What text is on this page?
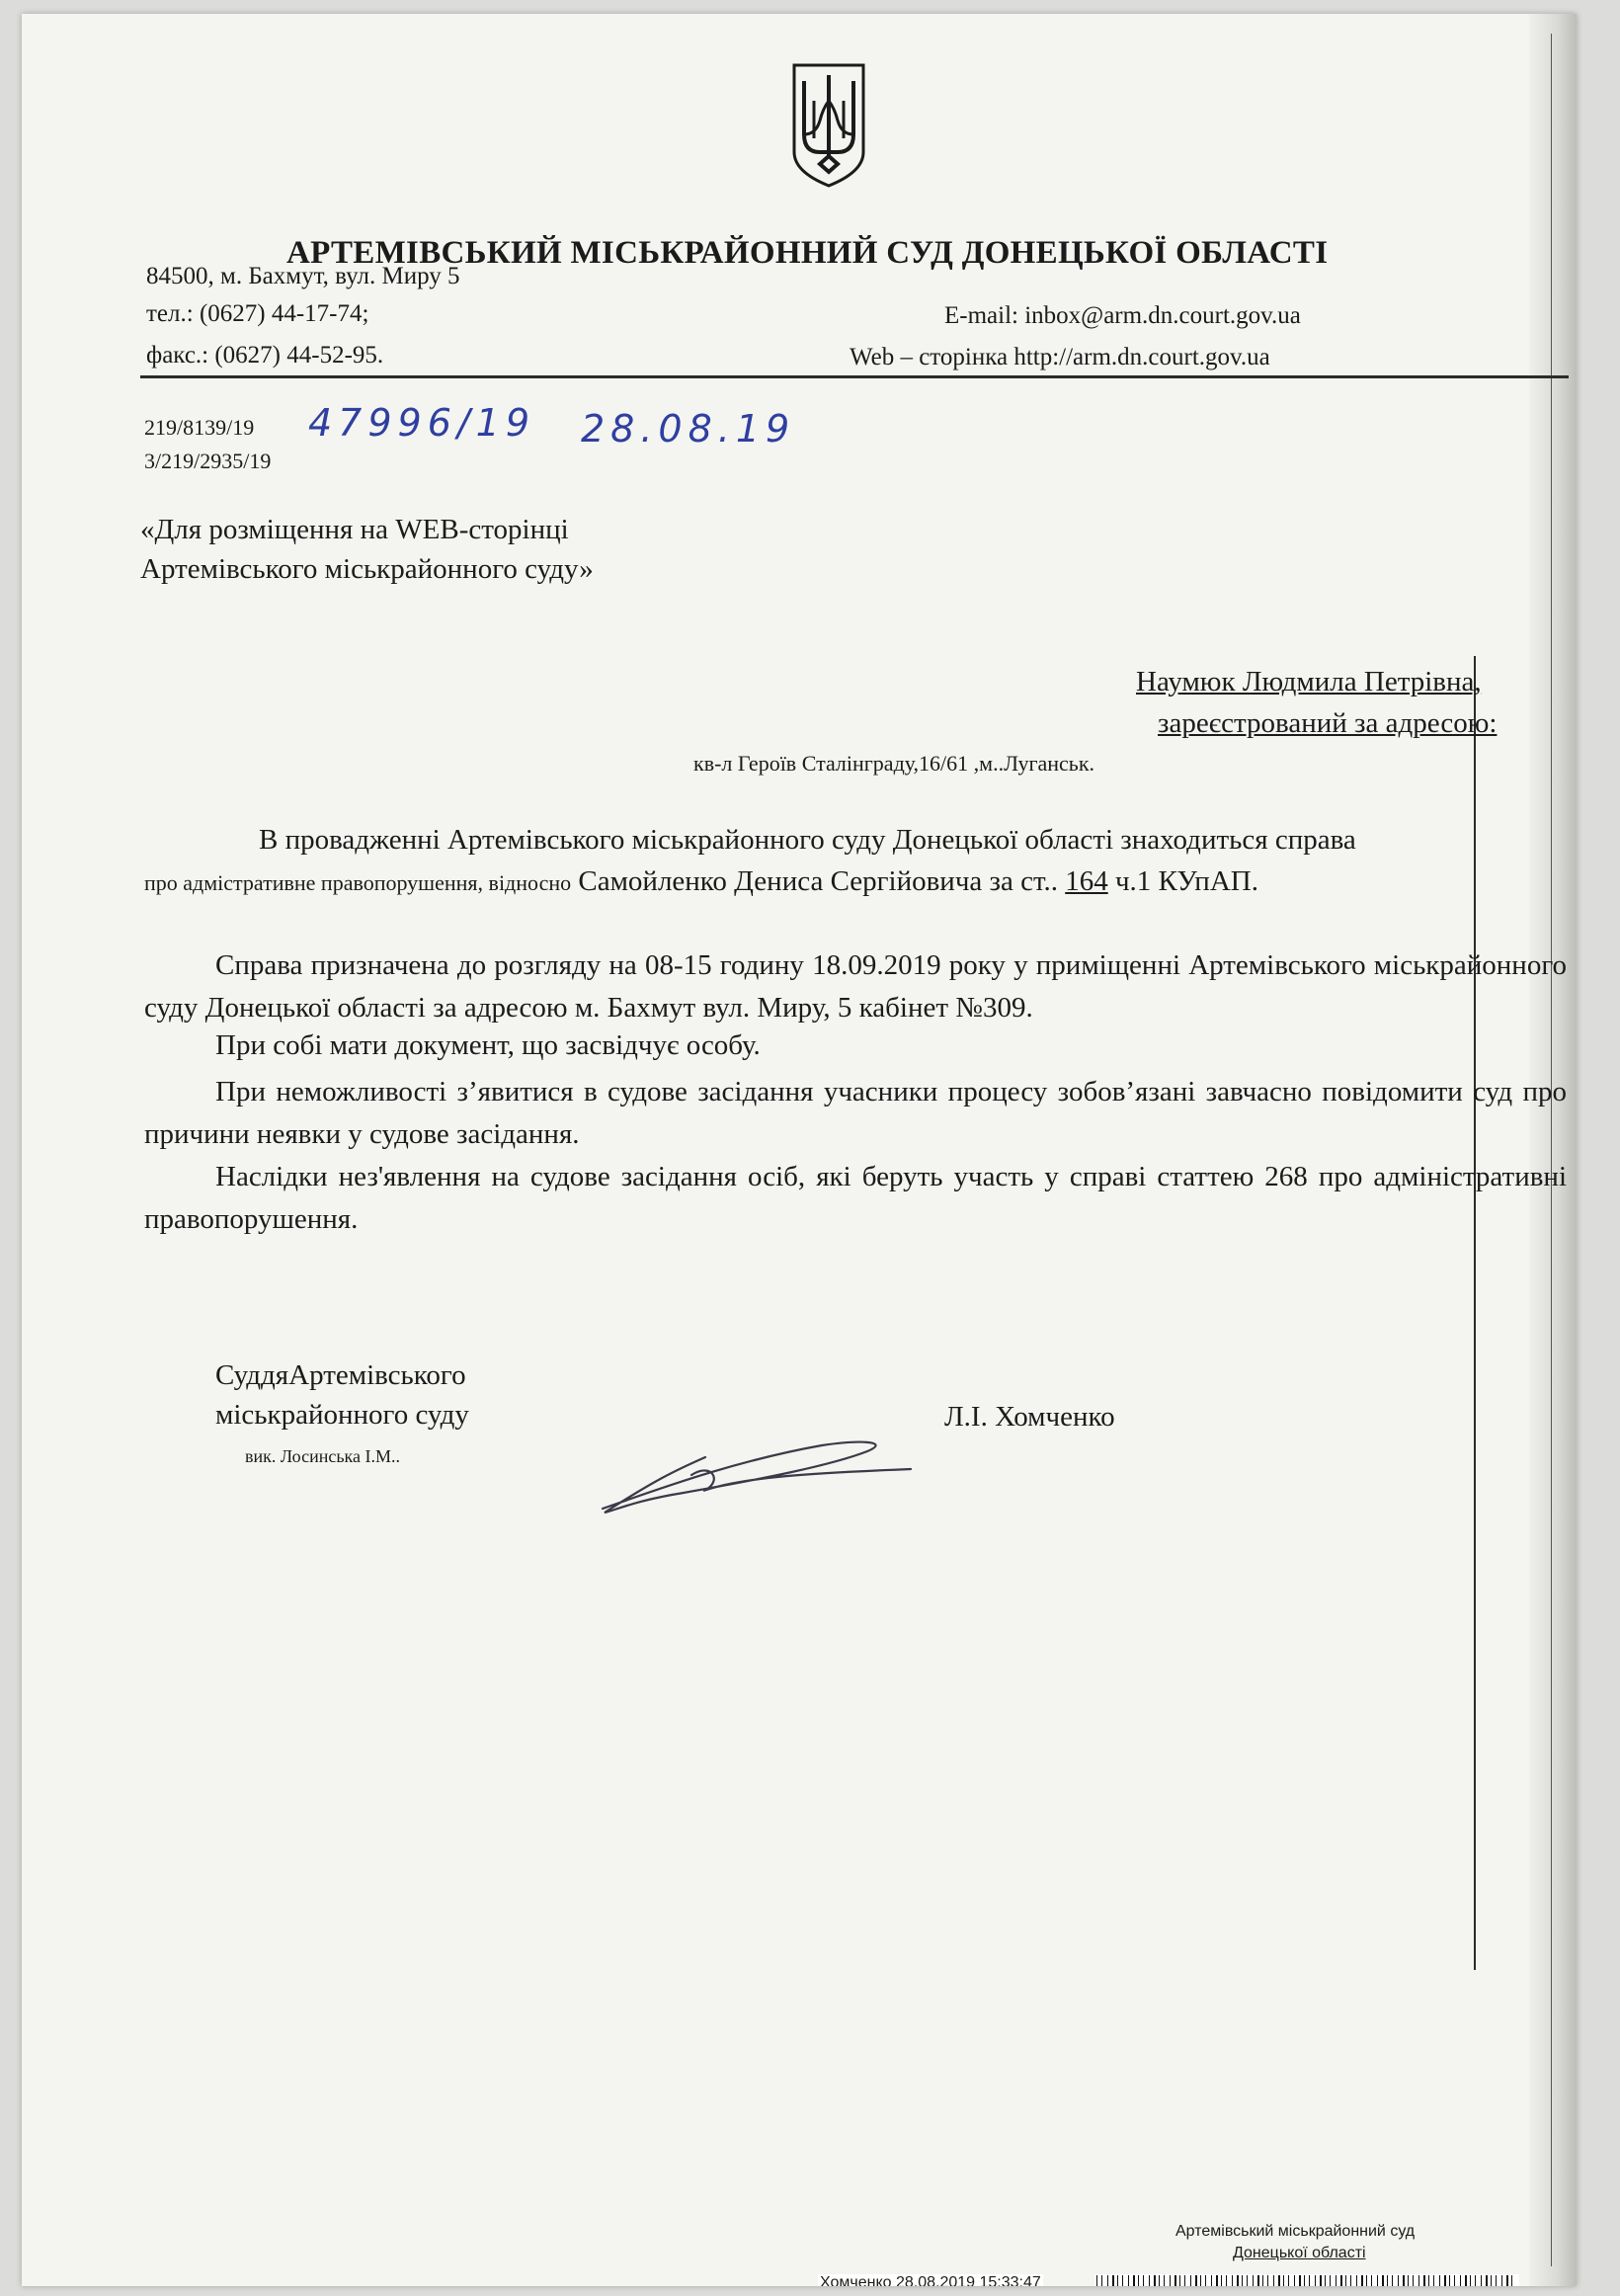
АРТЕМІВСЬКИЙ МІСЬКРАЙОННИЙ СУД ДОНЕЦЬКОЇ ОБЛАСТІ
84500, м. Бахмут, вул. Миру 5
тел.: (0627) 44-17-74;
факс.: (0627) 44-52-95.
E-mail: inbox@arm.dn.court.gov.ua
Web – сторінка http://arm.dn.court.gov.ua
219/8139/19
3/219/2935/19
47996/19 28.08.19
«Для розміщення на WEB-сторінці
Артемівського міськрайонного суду»
Наумюк Людмила Петрівна,
зареєстрований за адресою:
кв-л Героїв Сталінграду,16/61 ,м..Луганськ.
В провадженні Артемівського міськрайонного суду Донецької області знаходиться справа
про адмістративне правопорушення, відносно Самойленко Дениса Сергійовича за ст.. 164 ч.1 КУпАП.
Справа призначена до розгляду на 08-15 годину 18.09.2019 року у приміщенні Артемівського міськрайонного суду Донецької області за адресою м. Бахмут вул. Миру, 5 кабінет №309.
При собі мати документ, що засвідчує особу.
При неможливості з’явитися в судове засідання учасники процесу зобов’язані завчасно повідомити суд про причини неявки у судове засідання.
Наслідки нез'явлення на судове засідання осіб, які беруть участь у справі статтею 268 про адміністративні правопорушення.
СуддяАртемівського
міськрайонного суду
вик. Лосинська І.М..
Л.І. Хомченко
Артемівський міськрайонний суд
Донецької області
Хомченко 28.08.2019 15:33:47
